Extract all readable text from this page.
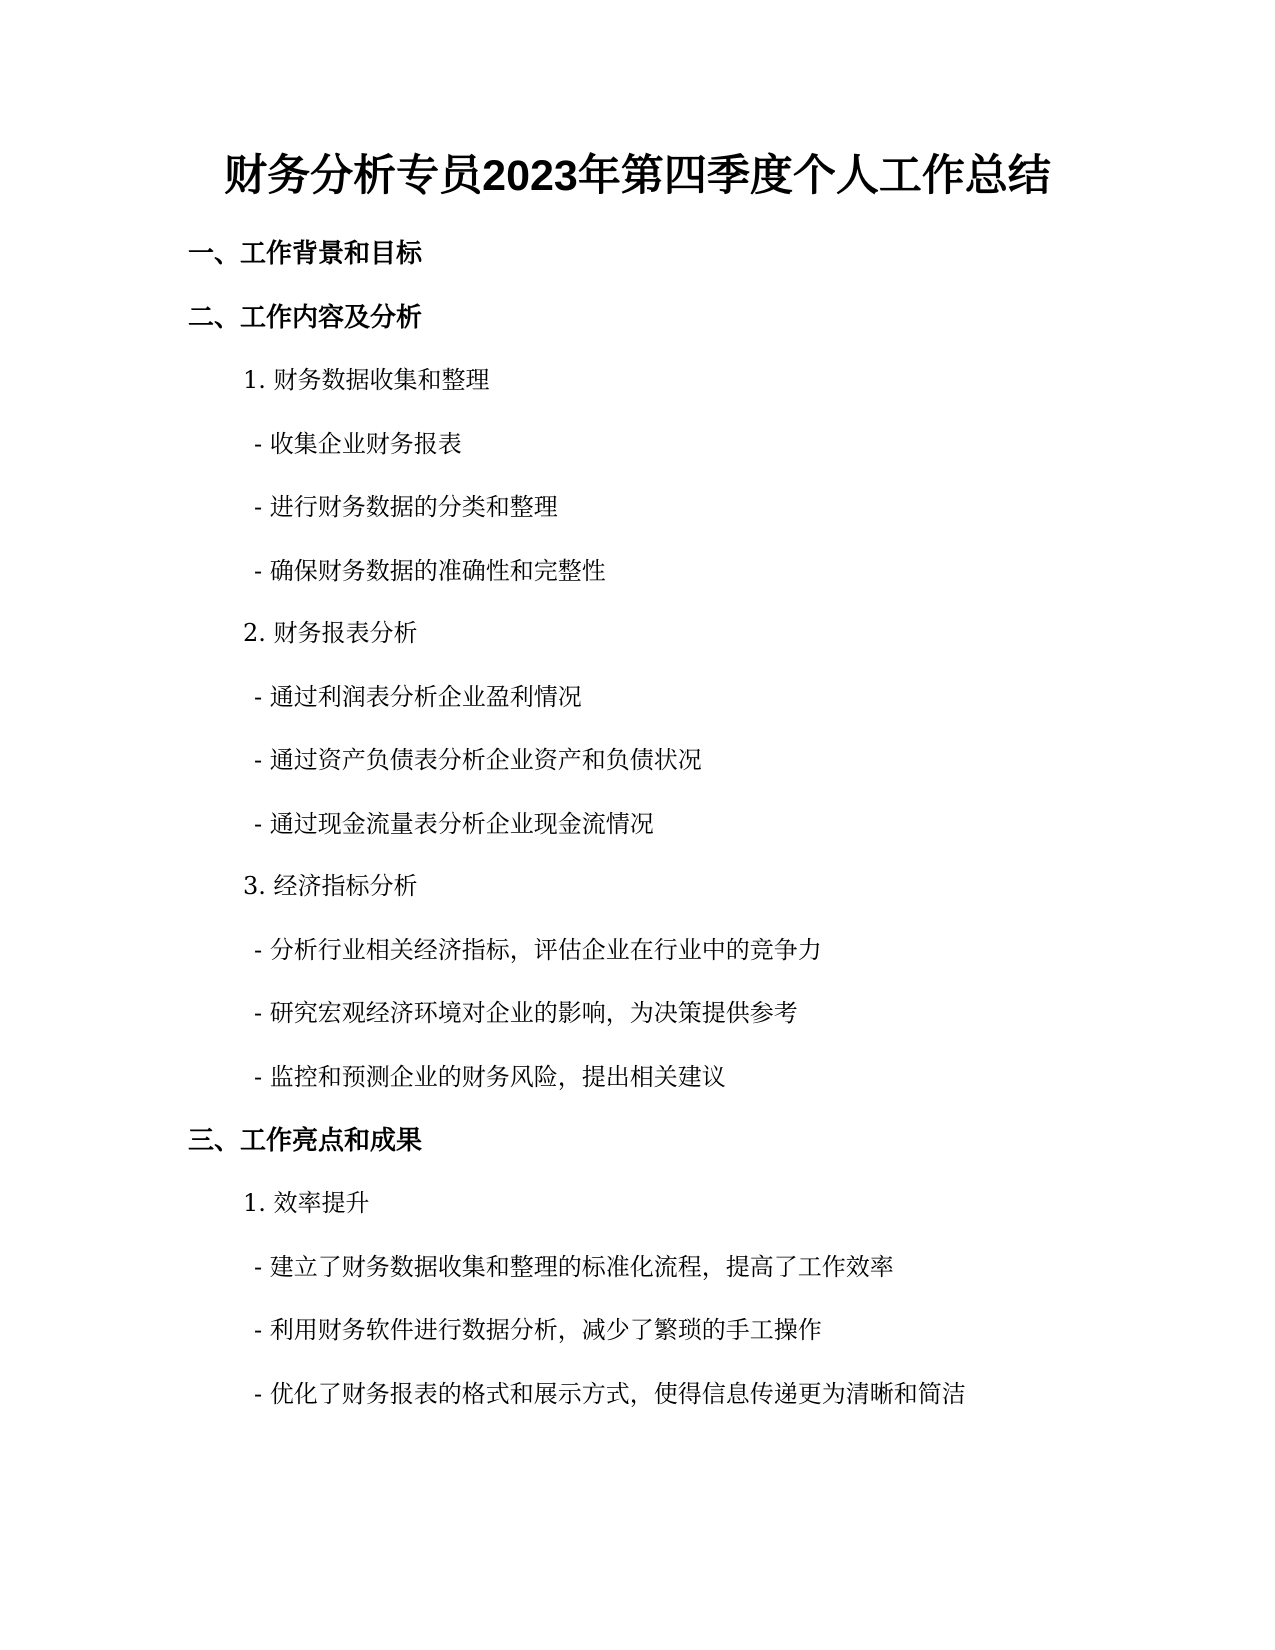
财务分析专员2023年第四季度个人工作总结

一、工作背景和目标

二、工作内容及分析

1. 财务数据收集和整理

- 收集企业财务报表

- 进行财务数据的分类和整理

- 确保财务数据的准确性和完整性

2. 财务报表分析

- 通过利润表分析企业盈利情况

- 通过资产负债表分析企业资产和负债状况

- 通过现金流量表分析企业现金流情况

3. 经济指标分析

- 分析行业相关经济指标，评估企业在行业中的竞争力

- 研究宏观经济环境对企业的影响，为决策提供参考

- 监控和预测企业的财务风险，提出相关建议

三、工作亮点和成果

1. 效率提升

- 建立了财务数据收集和整理的标准化流程，提高了工作效率

- 利用财务软件进行数据分析，减少了繁琐的手工操作

- 优化了财务报表的格式和展示方式，使得信息传递更为清晰和简洁
